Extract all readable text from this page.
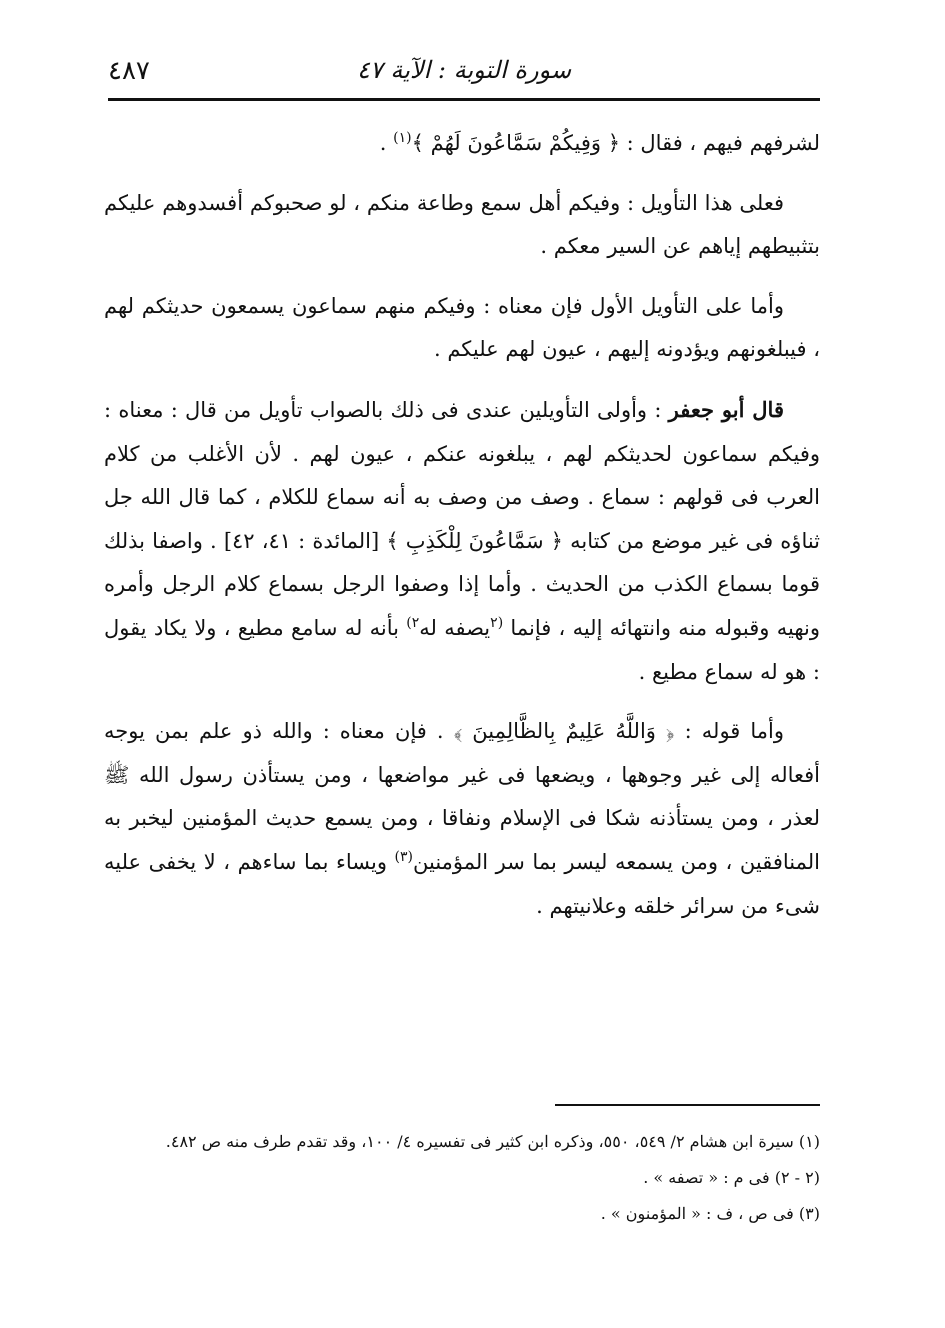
٤٨٧	سورة التوبة : الآية ٤٧

لشرفهم فيهم ، فقال : ﴿ وَفِيكُمْ سَمَّاعُونَ لَهُمْ ﴾$^{(١)}$ .

فعلى هذا التأويل : وفيكم أهل سمع وطاعة منكم ، لو صحبوكم أفسدوهم عليكم بتثبيطهم إياهم عن السير معكم .

وأما على التأويل الأول فإن معناه : وفيكم منهم سماعون يسمعون حديثكم لهم ، فيبلغونهم ويؤدونه إليهم ، عيون لهم عليكم .

قال أبو جعفر : وأولى التأويلين عندى فى ذلك بالصواب تأويل من قال : معناه : وفيكم سماعون لحديثكم لهم ، يبلغونه عنكم ، عيون لهم . لأن الأغلب من كلام العرب فى قولهم : سماع . وصف من وصف به أنه سماع للكلام ، كما قال الله جل ثناؤه فى غير موضع من كتابه ﴿ سَمَّاعُونَ لِلْكَذِبِ ﴾ [المائدة : ٤١، ٤٢] . واصفا بذلك قوما بسماع الكذب من الحديث . وأما إذا وصفوا الرجل بسماع كلام الرجل وأمره ونهيه وقبوله منه وانتهائه إليه ، فإنما $^{(٢}$يصفه له$^{٢)}$ بأنه له سامع مطيع ، ولا يكاد يقول : هو له سماع مطيع .

وأما قوله : ﴿ وَاللَّهُ عَلِيمٌ بِالظَّالِمِينَ ﴾ . فإن معناه : والله ذو علم بمن يوجه أفعاله إلى غير وجوهها ، ويضعها فى غير مواضعها ، ومن يستأذن رسول الله ﷺ لعذر ، ومن يستأذنه شكا فى الإسلام ونفاقا ، ومن يسمع حديث المؤمنين ليخبر به المنافقين ، ومن يسمعه ليسر بما سر المؤمنين$^{(٣)}$ ويساء بما ساءهم ، لا يخفى عليه شىء من سرائر خلقه وعلانيتهم .

(١) سيرة ابن هشام ٢/ ٥٤٩، ٥٥٠، وذكره ابن كثير فى تفسيره ٤/ ١٠٠، وقد تقدم طرف منه ص ٤٨٢.

(٢ - ٢) فى م : « تصفه » .

(٣) فى ص ، ف : « المؤمنون » .
